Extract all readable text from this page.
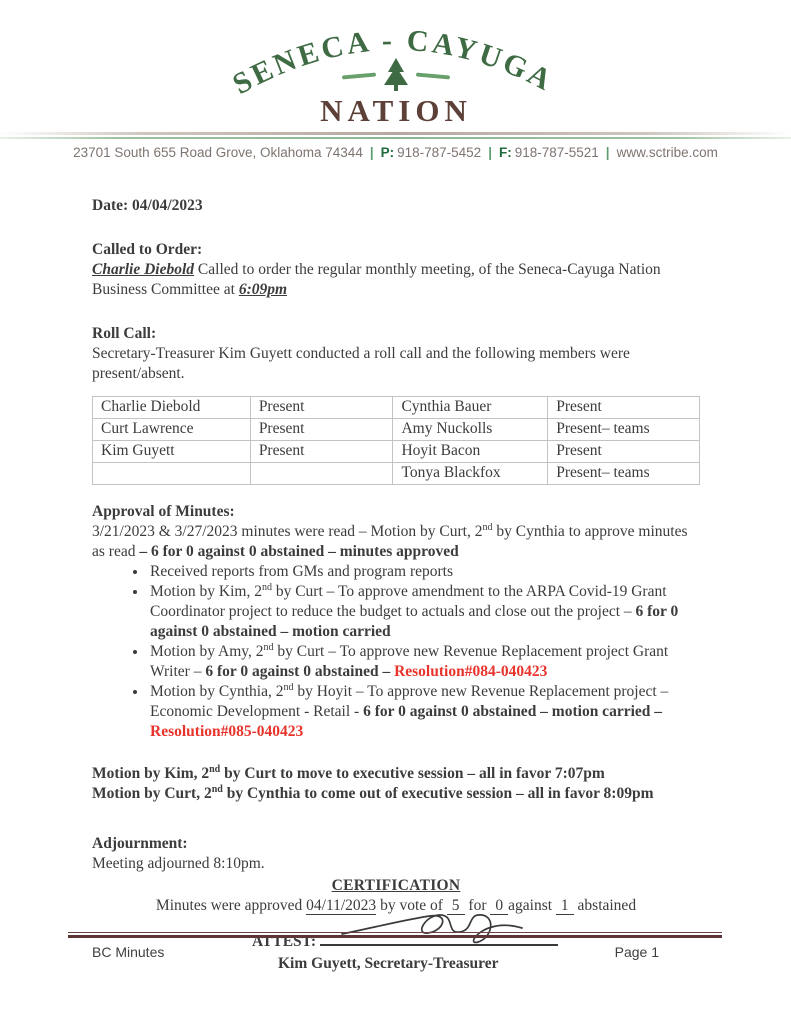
SENECA - CAYUGA
NATION
23701 South 655 Road Grove, Oklahoma 74344 | P: 918-787-5452 | F: 918-787-5521 | www.sctribe.com
Date: 04/04/2023
Called to Order:
Charlie Diebold Called to order the regular monthly meeting, of the Seneca-Cayuga Nation Business Committee at 6:09pm
Roll Call:
Secretary-Treasurer Kim Guyett conducted a roll call and the following members were present/absent.
Charlie Diebold	Present	Cynthia Bauer	Present
Curt Lawrence	Present	Amy Nuckolls	Present– teams
Kim Guyett	Present	Hoyit Bacon	Present
		Tonya Blackfox	Present– teams
Approval of Minutes:
3/21/2023 & 3/27/2023 minutes were read – Motion by Curt, 2nd by Cynthia to approve minutes as read – 6 for 0 against 0 abstained – minutes approved
• Received reports from GMs and program reports
• Motion by Kim, 2nd by Curt – To approve amendment to the ARPA Covid-19 Grant Coordinator project to reduce the budget to actuals and close out the project – 6 for 0 against 0 abstained – motion carried
• Motion by Amy, 2nd by Curt – To approve new Revenue Replacement project Grant Writer – 6 for 0 against 0 abstained – Resolution#084-040423
• Motion by Cynthia, 2nd by Hoyit – To approve new Revenue Replacement project – Economic Development - Retail - 6 for 0 against 0 abstained – motion carried – Resolution#085-040423
Motion by Kim, 2nd by Curt to move to executive session – all in favor 7:07pm
Motion by Curt, 2nd by Cynthia to come out of executive session – all in favor 8:09pm
Adjournment:
Meeting adjourned 8:10pm.
CERTIFICATION
Minutes were approved 04/11/2023 by vote of 5 for 0 against 1 abstained
ATTEST:
Kim Guyett, Secretary-Treasurer
BC Minutes	Page 1
